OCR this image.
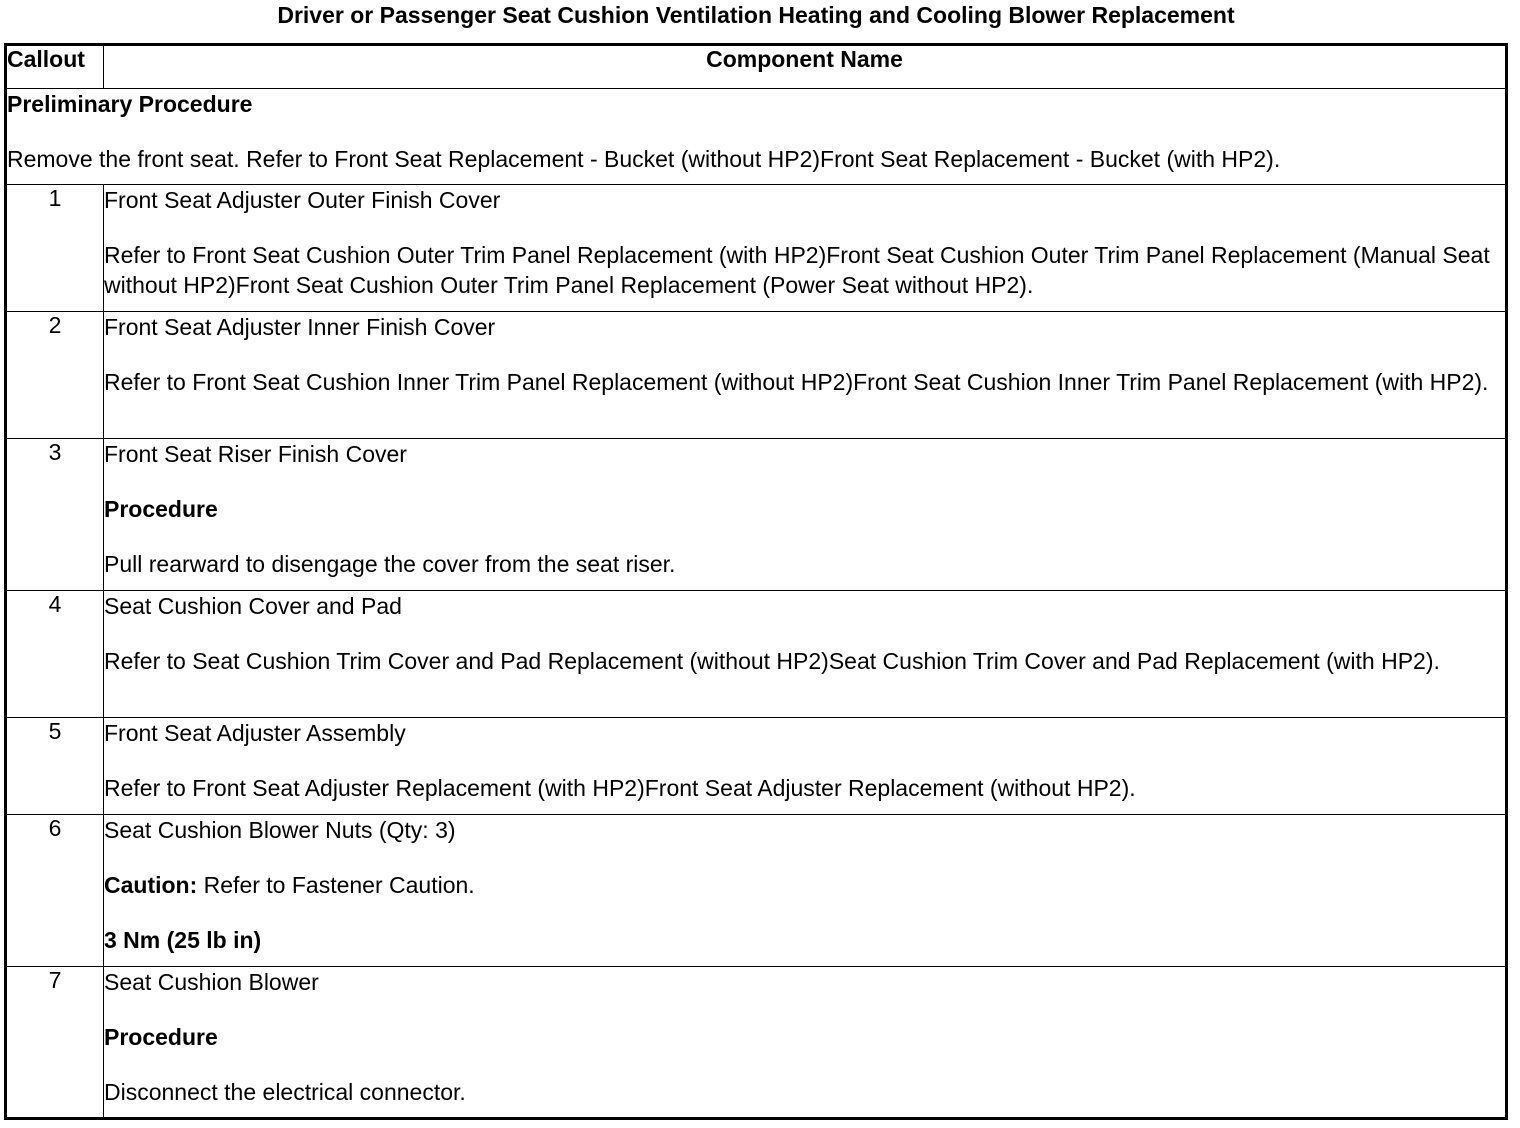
Driver or Passenger Seat Cushion Ventilation Heating and Cooling Blower Replacement
Callout	Component Name

Preliminary Procedure

Remove the front seat. Refer to Front Seat Replacement - Bucket (without HP2)Front Seat Replacement - Bucket (with HP2).	

1	Front Seat Adjuster Outer Finish Cover

Refer to Front Seat Cushion Outer Trim Panel Replacement (with HP2)Front Seat Cushion Outer Trim Panel Replacement (Manual Seat without HP2)Front Seat Cushion Outer Trim Panel Replacement (Power Seat without HP2).

2	Front Seat Adjuster Inner Finish Cover

Refer to Front Seat Cushion Inner Trim Panel Replacement (without HP2)Front Seat Cushion Inner Trim Panel Replacement (with HP2).

3	Front Seat Riser Finish Cover

Procedure

Pull rearward to disengage the cover from the seat riser.

4	Seat Cushion Cover and Pad

Refer to Seat Cushion Trim Cover and Pad Replacement (without HP2)Seat Cushion Trim Cover and Pad Replacement (with HP2).

5	Front Seat Adjuster Assembly

Refer to Front Seat Adjuster Replacement (with HP2)Front Seat Adjuster Replacement (without HP2).

6	Seat Cushion Blower Nuts (Qty: 3)

Caution: Refer to Fastener Caution.

3 Nm (25 lb in)

7	Seat Cushion Blower

Procedure

Disconnect the electrical connector.
